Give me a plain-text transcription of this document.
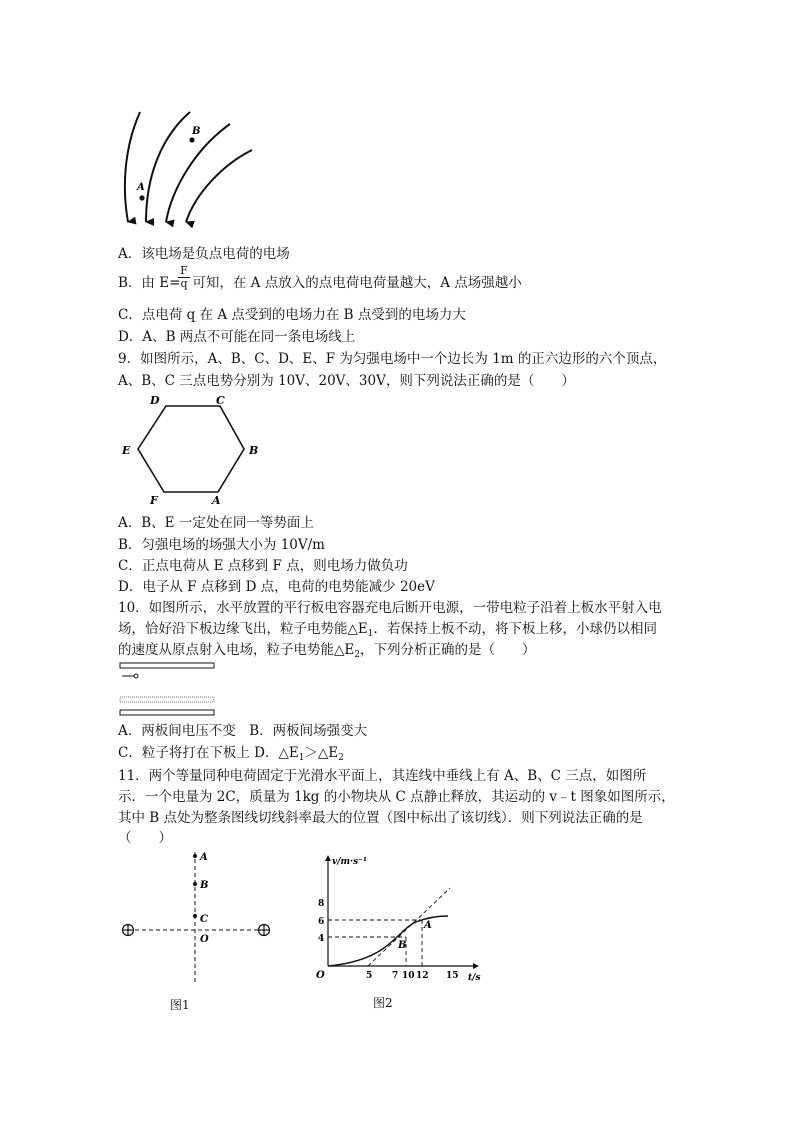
A
B
A．该电场是负点电荷的电场
B．由 E= 可知，在 A 点放入的点电荷电荷量越大，A 点场强越小
$\frac{F}{q}$
C．点电荷 q 在 A 点受到的电场力在 B 点受到的电场力大
D．A、B 两点不可能在同一条电场线上
9．如图所示，A、B、C、D、E、F 为匀强电场中一个边长为 1m 的正六边形的六个顶点，
A、B、C 三点电势分别为 10V、20V、30V，则下列说法正确的是（　　）
D	C
E	B
F	A
A．B、E 一定处在同一等势面上
B．匀强电场的场强大小为 10V/m
C．正点电荷从 E 点移到 F 点，则电场力做负功
D．电子从 F 点移到 D 点，电荷的电势能减少 20eV
10．如图所示，水平放置的平行板电容器充电后断开电源，一带电粒子沿着上板水平射入电
场，恰好沿下板边缘飞出，粒子电势能$\triangle E_1$．若保持上板不动，将下板上移，小球仍以相同
的速度从原点射入电场，粒子电势能$\triangle E_2$，下列分析正确的是（　　）
A．两板间电压不变　B．两板间场强变大
C．粒子将打在下板上 D．$\triangle E_1>\triangle E_2$
11．两个等量同种电荷固定于光滑水平面上，其连线中垂线上有 A、B、C 三点，如图所
示．一个电量为 2C，质量为 1kg 的小物块从 C 点静止释放，其运动的 v﹣t 图象如图所示，
其中 B 点处为整条图线切线斜率最大的位置（图中标出了该切线）．则下列说法正确的是
（　　）
A
B
C
O
图1
v/m·s⁻¹
t/s
O
8
6
4
5 7 10 12 15
B
A
图2
